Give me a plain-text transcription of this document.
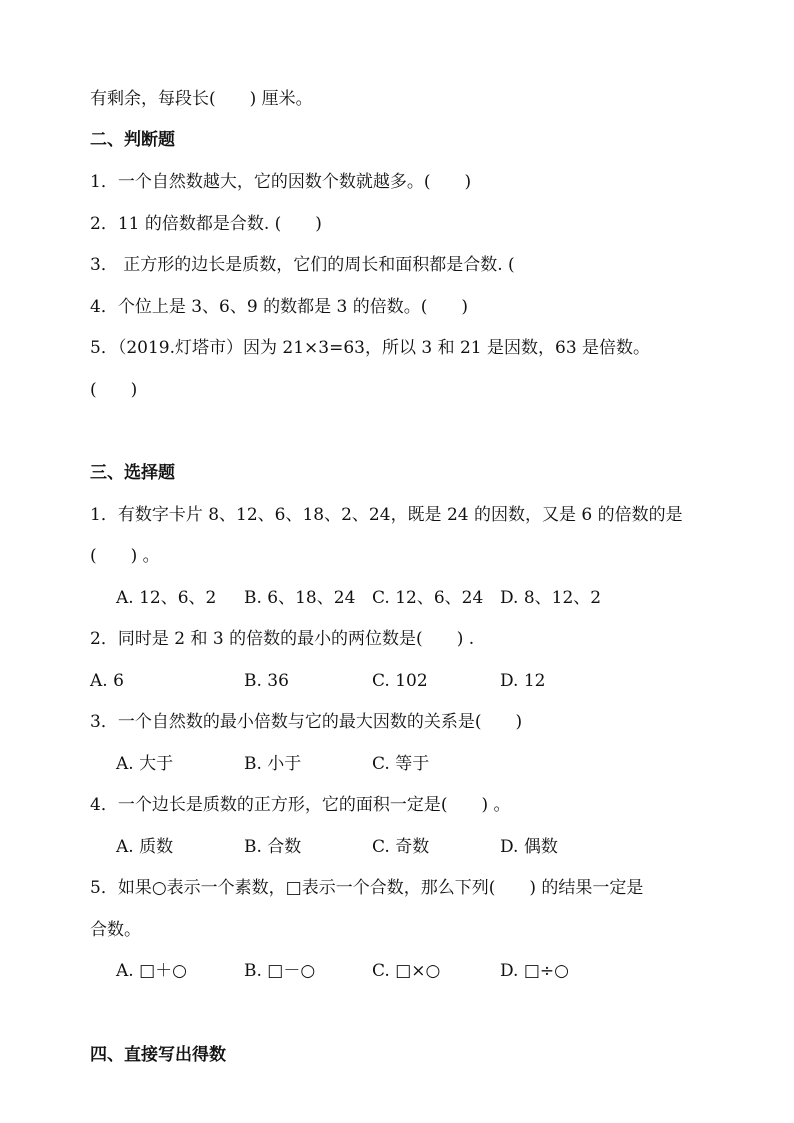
有剩余，每段长(　　) 厘米。

二、判断题

1．一个自然数越大，它的因数个数就越多。(　　)

2．11 的倍数都是合数. (　　)

3． 正方形的边长是质数，它们的周长和面积都是合数. (

4．个位上是 3、6、9 的数都是 3 的倍数。(　　)

5．（2019.灯塔市）因为 21×3=63，所以 3 和 21 是因数，63 是倍数。

(　　)

三、选择题

1．有数字卡片 8、12、6、18、2、24，既是 24 的因数，又是 6 的倍数的是

(　　) 。

A. 12、6、2 B. 6、18、24 C. 12、6、24 D. 8、12、2

2．同时是 2 和 3 的倍数的最小的两位数是(　　) .

A. 6	B. 36	C. 102	D. 12

3．一个自然数的最小倍数与它的最大因数的关系是(　　)

A. 大于	B. 小于	C. 等于

4．一个边长是质数的正方形，它的面积一定是(　　) 。

A. 质数	B. 合数	C. 奇数	D. 偶数

5．如果○表示一个素数，□表示一个合数，那么下列(　　) 的结果一定是

合数。

A. □＋○	B. □－○	C. □×○	D. □÷○

四、直接写出得数
